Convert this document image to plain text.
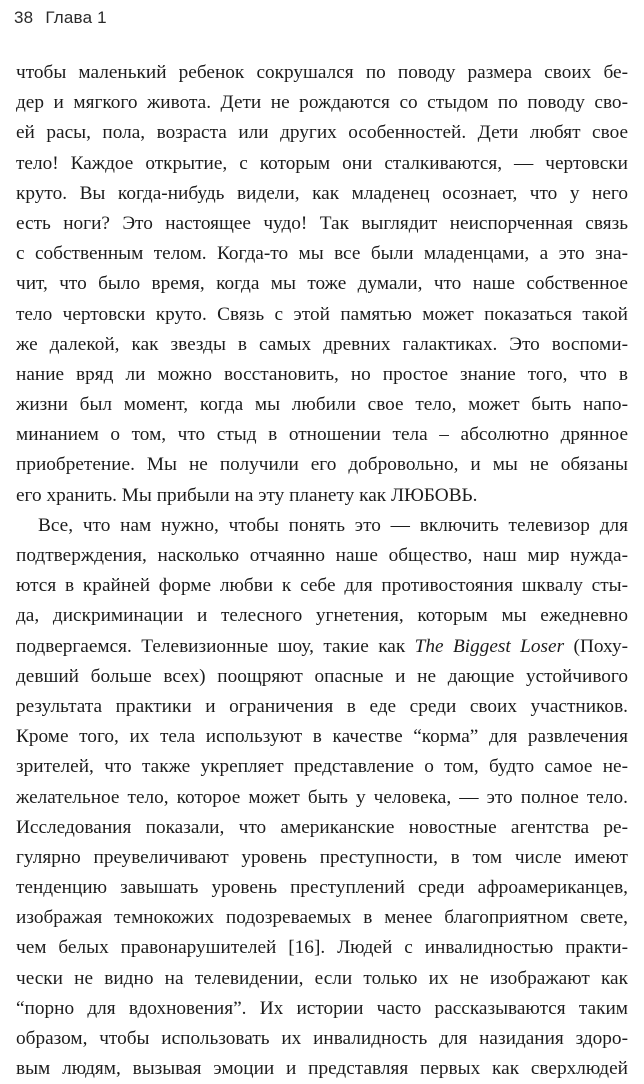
38 Глава 1
чтобы маленький ребенок сокрушался по поводу размера своих бе-
дер и мягкого живота. Дети не рождаются со стыдом по поводу сво-
ей расы, пола, возраста или других особенностей. Дети любят свое
тело! Каждое открытие, с которым они сталкиваются, — чертовски
круто. Вы когда-нибудь видели, как младенец осознает, что у него
есть ноги? Это настоящее чудо! Так выглядит неиспорченная связь
с собственным телом. Когда-то мы все были младенцами, а это зна-
чит, что было время, когда мы тоже думали, что наше собственное
тело чертовски круто. Связь с этой памятью может показаться такой
же далекой, как звезды в самых древних галактиках. Это воспоми-
нание вряд ли можно восстановить, но простое знание того, что в
жизни был момент, когда мы любили свое тело, может быть напо-
минанием о том, что стыд в отношении тела – абсолютно дрянное
приобретение. Мы не получили его добровольно, и мы не обязаны
его хранить. Мы прибыли на эту планету как ЛЮБОВЬ.
Все, что нам нужно, чтобы понять это — включить телевизор для
подтверждения, насколько отчаянно наше общество, наш мир нужда-
ются в крайней форме любви к себе для противостояния шквалу сты-
да, дискриминации и телесного угнетения, которым мы ежедневно
подвергаемся. Телевизионные шоу, такие как The Biggest Loser (Поху-
девший больше всех) поощряют опасные и не дающие устойчивого
результата практики и ограничения в еде среди своих участников.
Кроме того, их тела используют в качестве “корма” для развлечения
зрителей, что также укрепляет представление о том, будто самое не-
желательное тело, которое может быть у человека, — это полное тело.
Исследования показали, что американские новостные агентства ре-
гулярно преувеличивают уровень преступности, в том числе имеют
тенденцию завышать уровень преступлений среди афроамериканцев,
изображая темнокожих подозреваемых в менее благоприятном свете,
чем белых правонарушителей [16]. Людей с инвалидностью практи-
чески не видно на телевидении, если только их не изображают как
“порно для вдохновения”. Их истории часто рассказываются таким
образом, чтобы использовать их инвалидность для назидания здоро-
вым людям, вызывая эмоции и представляя первых как сверхлюдей
